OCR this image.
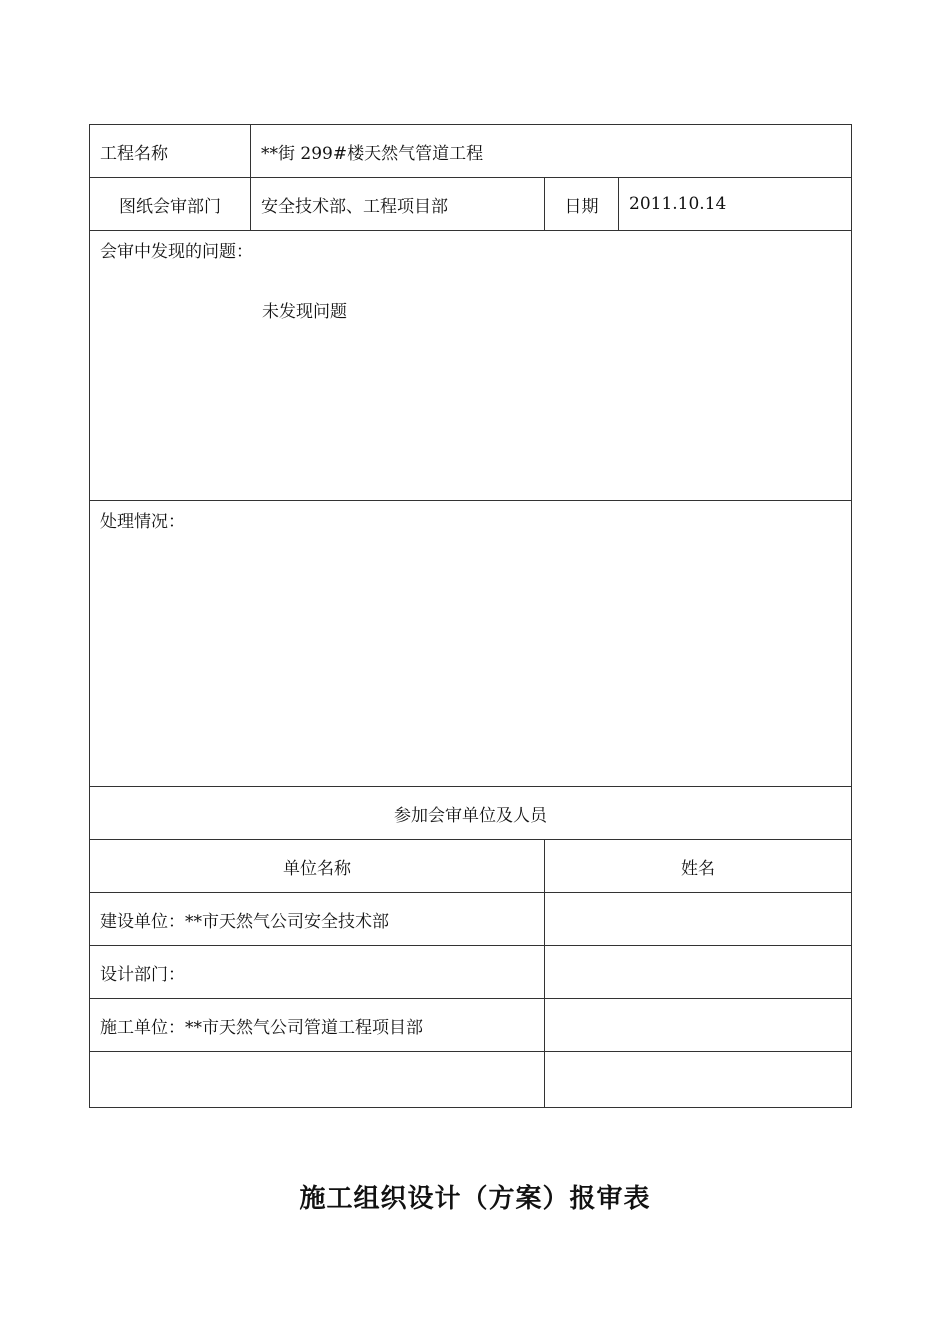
工程名称	**街 299#楼天然气管道工程		
图纸会审部门	安全技术部、工程项目部	日期	2011.10.14

会审中发现的问题：
未发现问题			

处理情况：			

参加会审单位及人员			
单位名称		姓名	
建设单位：**市天然气公司安全技术部			
设计部门：			
施工单位：**市天然气公司管道工程项目部			

施工组织设计（方案）报审表
